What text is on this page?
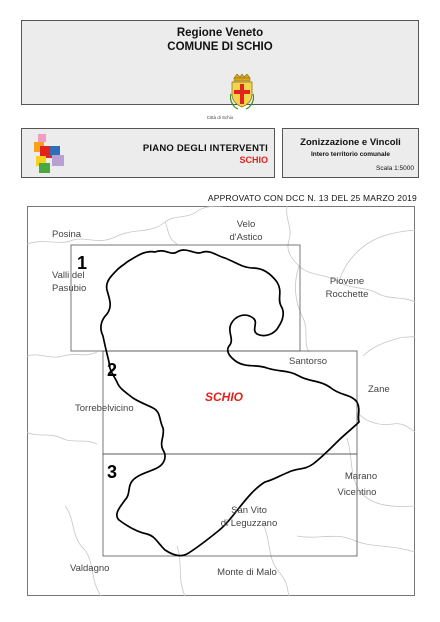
Regione Veneto
COMUNE DI SCHIO
Città di Schio
PIANO DEGLI INTERVENTI
SCHIO
Zonizzazione e Vincoli
Intero territorio comunale
Scala 1:5000
APPROVATO CON DCC N. 13 DEL 25 MARZO 2019
1
2
3
SCHIO
Posina
Velo
d'Astico
Valli del
Pasubio
Piovene
Rocchette
Santorso
Zane
Torrebelvicino
Marano
Vicentino
San Vito
di Leguzzano
Valdagno	Monte di Malo
